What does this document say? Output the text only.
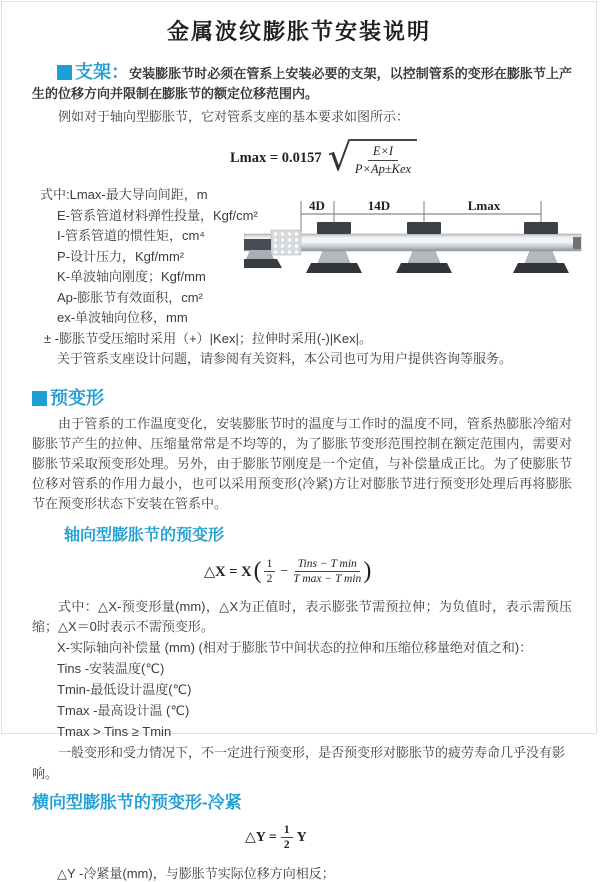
金属波纹膨胀节安装说明

支架：安装膨胀节时必须在管系上安装必要的支架，以控制管系的变形在膨胀节上产生的位移方向并限制在膨胀节的额定位移范围内。

例如对于轴向型膨胀节，它对管系支座的基本要求如图所示：

Lmax = 0.0157 √ $\frac{E\times I}{\text{P×Ap±Kex}}$

式中:Lmax-最大导向间距，m

E-管系管道材料弹性投量，Kgf/cm²

I-管系管道的惯性矩，cm⁴

P-设计压力，Kgf/mm²

K-单波轴向刚度；Kgf/mm

Ap-膨胀节有效面积，cm²

ex-单波轴向位移，mm

± -膨胀节受压缩时采用（+）|Kex|；拉伸时采用(-)|Kex|。

关于管系支座设计问题，请参阅有关资料，本公司也可为用户提供咨询等服务。

4D	14D	Lmax

预变形

由于管系的工作温度变化，安装膨胀节时的温度与工作时的温度不同，管系热膨胀冷缩对膨胀节产生的拉伸、压缩量常常是不均等的，为了膨胀节变形范围控制在额定范围内，需要对膨胀节采取预变形处理。另外，由于膨胀节刚度是一个定值，与补偿量成正比。为了使膨胀节位移对管系的作用力最小，也可以采用预变形(冷紧)方让对膨胀节进行预变形处理后再将膨胀节在预变形状态下安装在管系中。

轴向型膨胀节的预变形

△X = X ( $\frac{1}{2}$ − Tins − T min
T max − T min )

式中：△X-预变形量(mm)，△X为正值时，表示膨张节需预拉伸；为负值时，表示需预压缩；△X＝0时表示不需预变形。

X-实际轴向补偿量 (mm) (相对于膨胀节中间状态的拉伸和压缩位移量绝对值之和)：

Tins -安装温度(℃)

Tmin-最低设计温度(℃)

Tmax -最高设计温 (℃)

Tmax > Tins ≥ Tmin

一般变形和受力情况下，不一定进行预变形，是否预变形对膨胀节的疲劳寿命几乎没有影响。

横向型膨胀节的预变形-冷紧

△Y = $\frac{1}{2}$ Y

△Y -冷紧量(mm)，与膨胀节实际位移方向相反；
